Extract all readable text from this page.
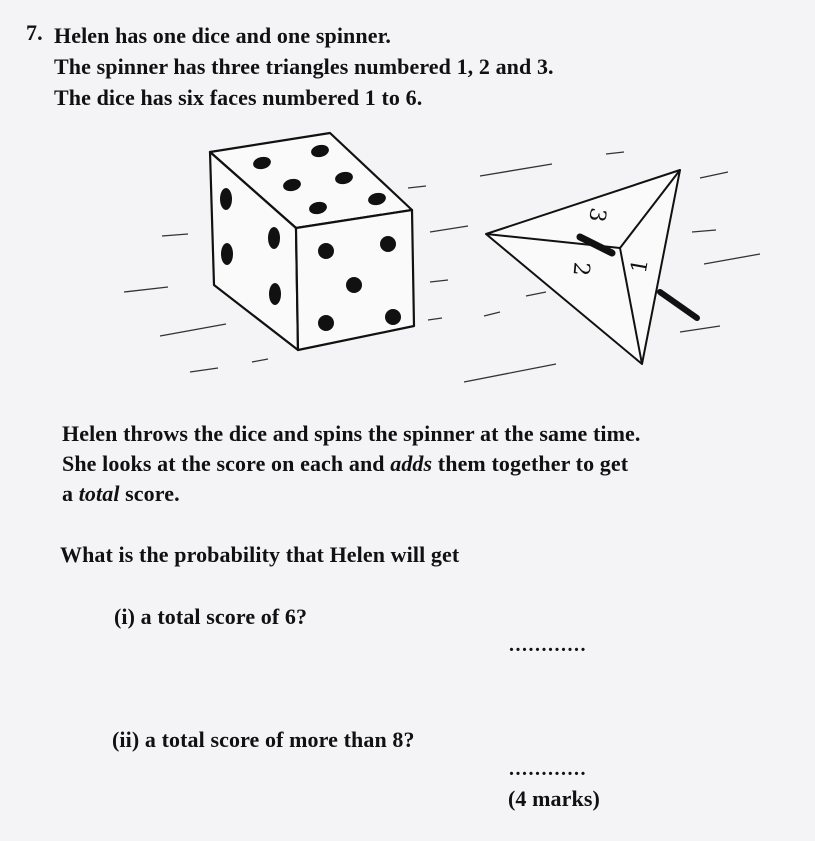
7. Helen has one dice and one spinner.
The spinner has three triangles numbered 1, 2 and 3.
The dice has six faces numbered 1 to 6.
3
2 1
Helen throws the dice and spins the spinner at the same time.
She looks at the score on each and adds them together to get
a total score.
What is the probability that Helen will get
(i) a total score of 6?
............
(ii) a total score of more than 8?
............
(4 marks)
